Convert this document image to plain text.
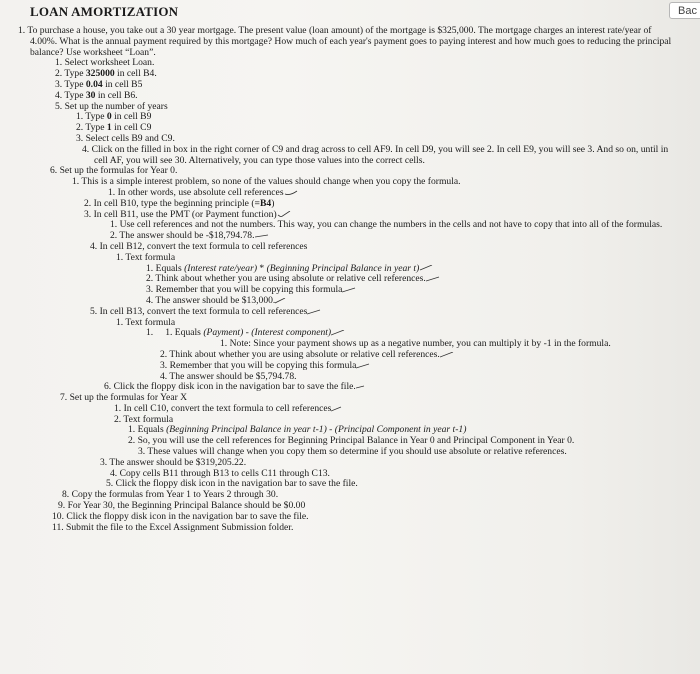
LOAN AMORTIZATION	Bac
1. To purchase a house, you take out a 30 year mortgage. The present value (loan amount) of the mortgage is $325,000. The mortgage charges an interest rate/year of 4.00%. What is the annual payment required by this mortgage? How much of each year's payment goes to paying interest and how much goes to reducing the principal balance? Use worksheet “Loan”.
1. Select worksheet Loan.
2. Type 325000 in cell B4.
3. Type 0.04 in cell B5
4. Type 30 in cell B6.
5. Set up the number of years
1. Type 0 in cell B9
2. Type 1 in cell C9
3. Select cells B9 and C9.
4. Click on the filled in box in the right corner of C9 and drag across to cell AF9. In cell D9, you will see 2. In cell E9, you will see 3. And so on, until in cell AF, you will see 30. Alternatively, you can type those values into the correct cells.
6. Set up the formulas for Year 0.
1. This is a simple interest problem, so none of the values should change when you copy the formula.
1. In other words, use absolute cell references
2. In cell B10, type the beginning principle (=B4)
3. In cell B11, use the PMT (or Payment function)
1. Use cell references and not the numbers. This way, you can change the numbers in the cells and not have to copy that into all of the formulas.
2. The answer should be -$18,794.78.
4. In cell B12, convert the text formula to cell references
1. Text formula
1. Equals (Interest rate/year) * (Beginning Principal Balance in year t)
2. Think about whether you are using absolute or relative cell references.
3. Remember that you will be copying this formula
4. The answer should be $13,000.
5. In cell B13, convert the text formula to cell references
1. Text formula
1. 1. Equals (Payment) - (Interest component)
1. Note: Since your payment shows up as a negative number, you can multiply it by -1 in the formula.
2. Think about whether you are using absolute or relative cell references.
3. Remember that you will be copying this formula
4. The answer should be $5,794.78.
6. Click the floppy disk icon in the navigation bar to save the file.
7. Set up the formulas for Year X
1. In cell C10, convert the text formula to cell references
2. Text formula
1. Equals (Beginning Principal Balance in year t-1) - (Principal Component in year t-1)
2. So, you will use the cell references for Beginning Principal Balance in Year 0 and Principal Component in Year 0.
3. These values will change when you copy them so determine if you should use absolute or relative references.
3. The answer should be $319,205.22.
4. Copy cells B11 through B13 to cells C11 through C13.
5. Click the floppy disk icon in the navigation bar to save the file.
8. Copy the formulas from Year 1 to Years 2 through 30.
9. For Year 30, the Beginning Principal Balance should be $0.00
10. Click the floppy disk icon in the navigation bar to save the file.
11. Submit the file to the Excel Assignment Submission folder.
